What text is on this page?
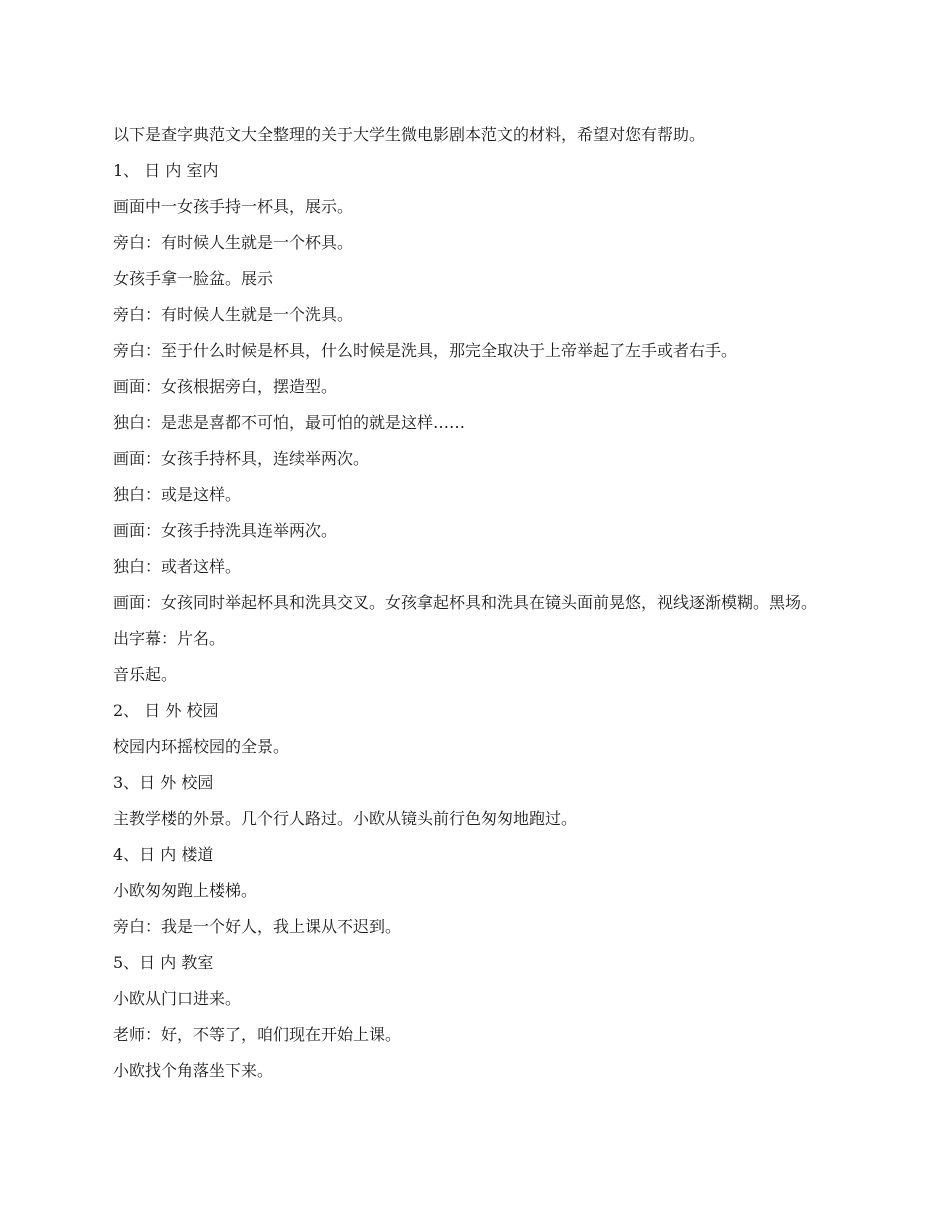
以下是查字典范文大全整理的关于大学生微电影剧本范文的材料，希望对您有帮助。

1、 日 内 室内

画面中一女孩手持一杯具，展示。

旁白：有时候人生就是一个杯具。

女孩手拿一脸盆。展示

旁白：有时候人生就是一个洗具。

旁白：至于什么时候是杯具，什么时候是洗具，那完全取决于上帝举起了左手或者右手。

画面：女孩根据旁白，摆造型。

独白：是悲是喜都不可怕，最可怕的就是这样……

画面：女孩手持杯具，连续举两次。

独白：或是这样。

画面：女孩手持洗具连举两次。

独白：或者这样。

画面：女孩同时举起杯具和洗具交叉。女孩拿起杯具和洗具在镜头面前晃悠，视线逐渐模糊。黑场。

出字幕：片名。

音乐起。

2、 日 外 校园

校园内环摇校园的全景。

3、日 外 校园

主教学楼的外景。几个行人路过。小欧从镜头前行色匆匆地跑过。

4、日 内 楼道

小欧匆匆跑上楼梯。

旁白：我是一个好人，我上课从不迟到。

5、日 内 教室

小欧从门口进来。

老师：好，不等了，咱们现在开始上课。

小欧找个角落坐下来。
